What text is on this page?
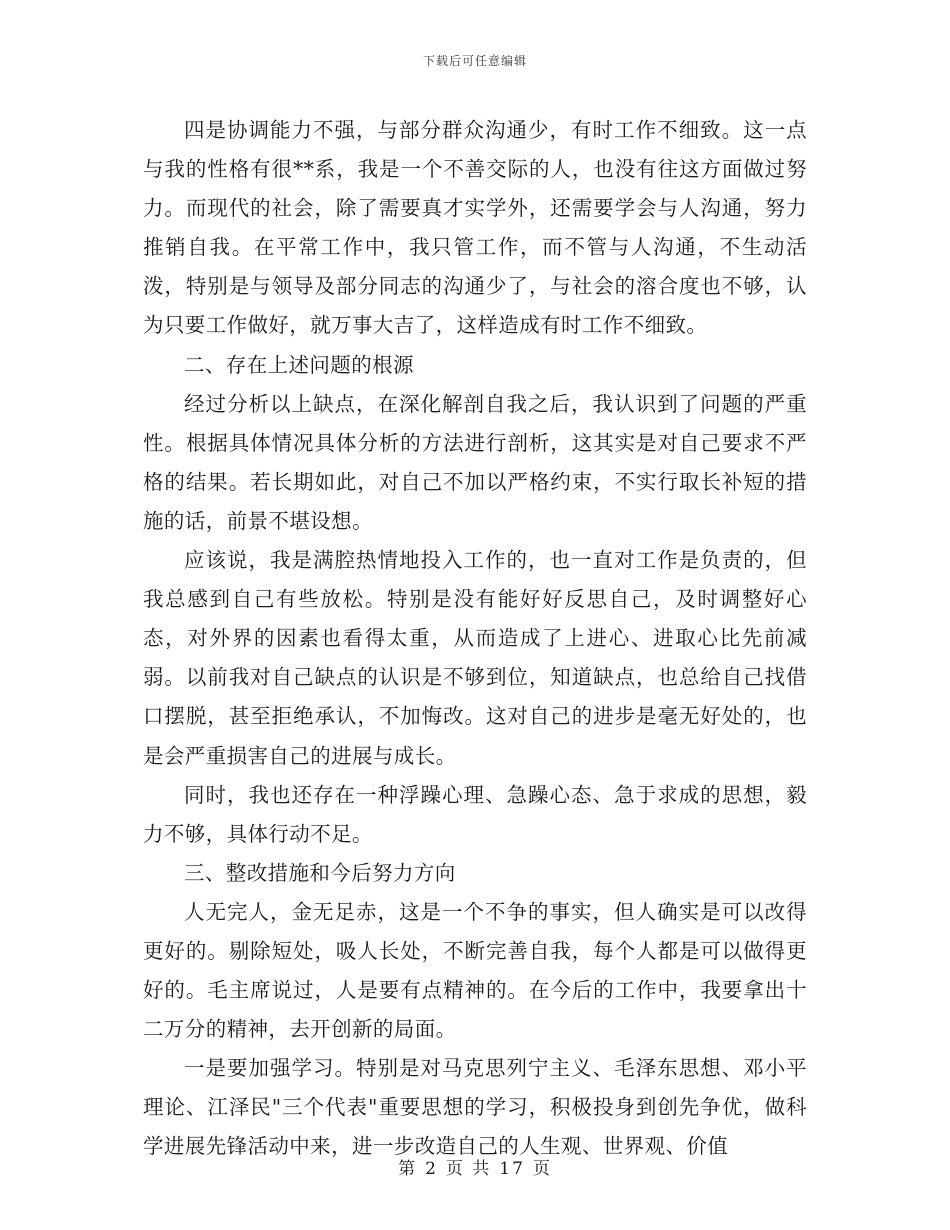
下载后可任意编辑

四是协调能力不强，与部分群众沟通少，有时工作不细致。这一点与我的性格有很**系，我是一个不善交际的人，也没有往这方面做过努力。而现代的社会，除了需要真才实学外，还需要学会与人沟通，努力推销自我。在平常工作中，我只管工作，而不管与人沟通，不生动活泼，特别是与领导及部分同志的沟通少了，与社会的溶合度也不够，认为只要工作做好，就万事大吉了，这样造成有时工作不细致。

二、存在上述问题的根源

经过分析以上缺点，在深化解剖自我之后，我认识到了问题的严重性。根据具体情况具体分析的方法进行剖析，这其实是对自己要求不严格的结果。若长期如此，对自己不加以严格约束，不实行取长补短的措施的话，前景不堪设想。

应该说，我是满腔热情地投入工作的，也一直对工作是负责的，但我总感到自己有些放松。特别是没有能好好反思自己，及时调整好心态，对外界的因素也看得太重，从而造成了上进心、进取心比先前减弱。以前我对自己缺点的认识是不够到位，知道缺点，也总给自己找借口摆脱，甚至拒绝承认，不加悔改。这对自己的进步是毫无好处的，也是会严重损害自己的进展与成长。

同时，我也还存在一种浮躁心理、急躁心态、急于求成的思想，毅力不够，具体行动不足。

三、整改措施和今后努力方向

人无完人，金无足赤，这是一个不争的事实，但人确实是可以改得更好的。剔除短处，吸人长处，不断完善自我，每个人都是可以做得更好的。毛主席说过，人是要有点精神的。在今后的工作中，我要拿出十二万分的精神，去开创新的局面。

一是要加强学习。特别是对马克思列宁主义、毛泽东思想、邓小平理论、江泽民"三个代表"重要思想的学习，积极投身到创先争优，做科学进展先锋活动中来，进一步改造自己的人生观、世界观、价值

第 2 页 共 17 页
